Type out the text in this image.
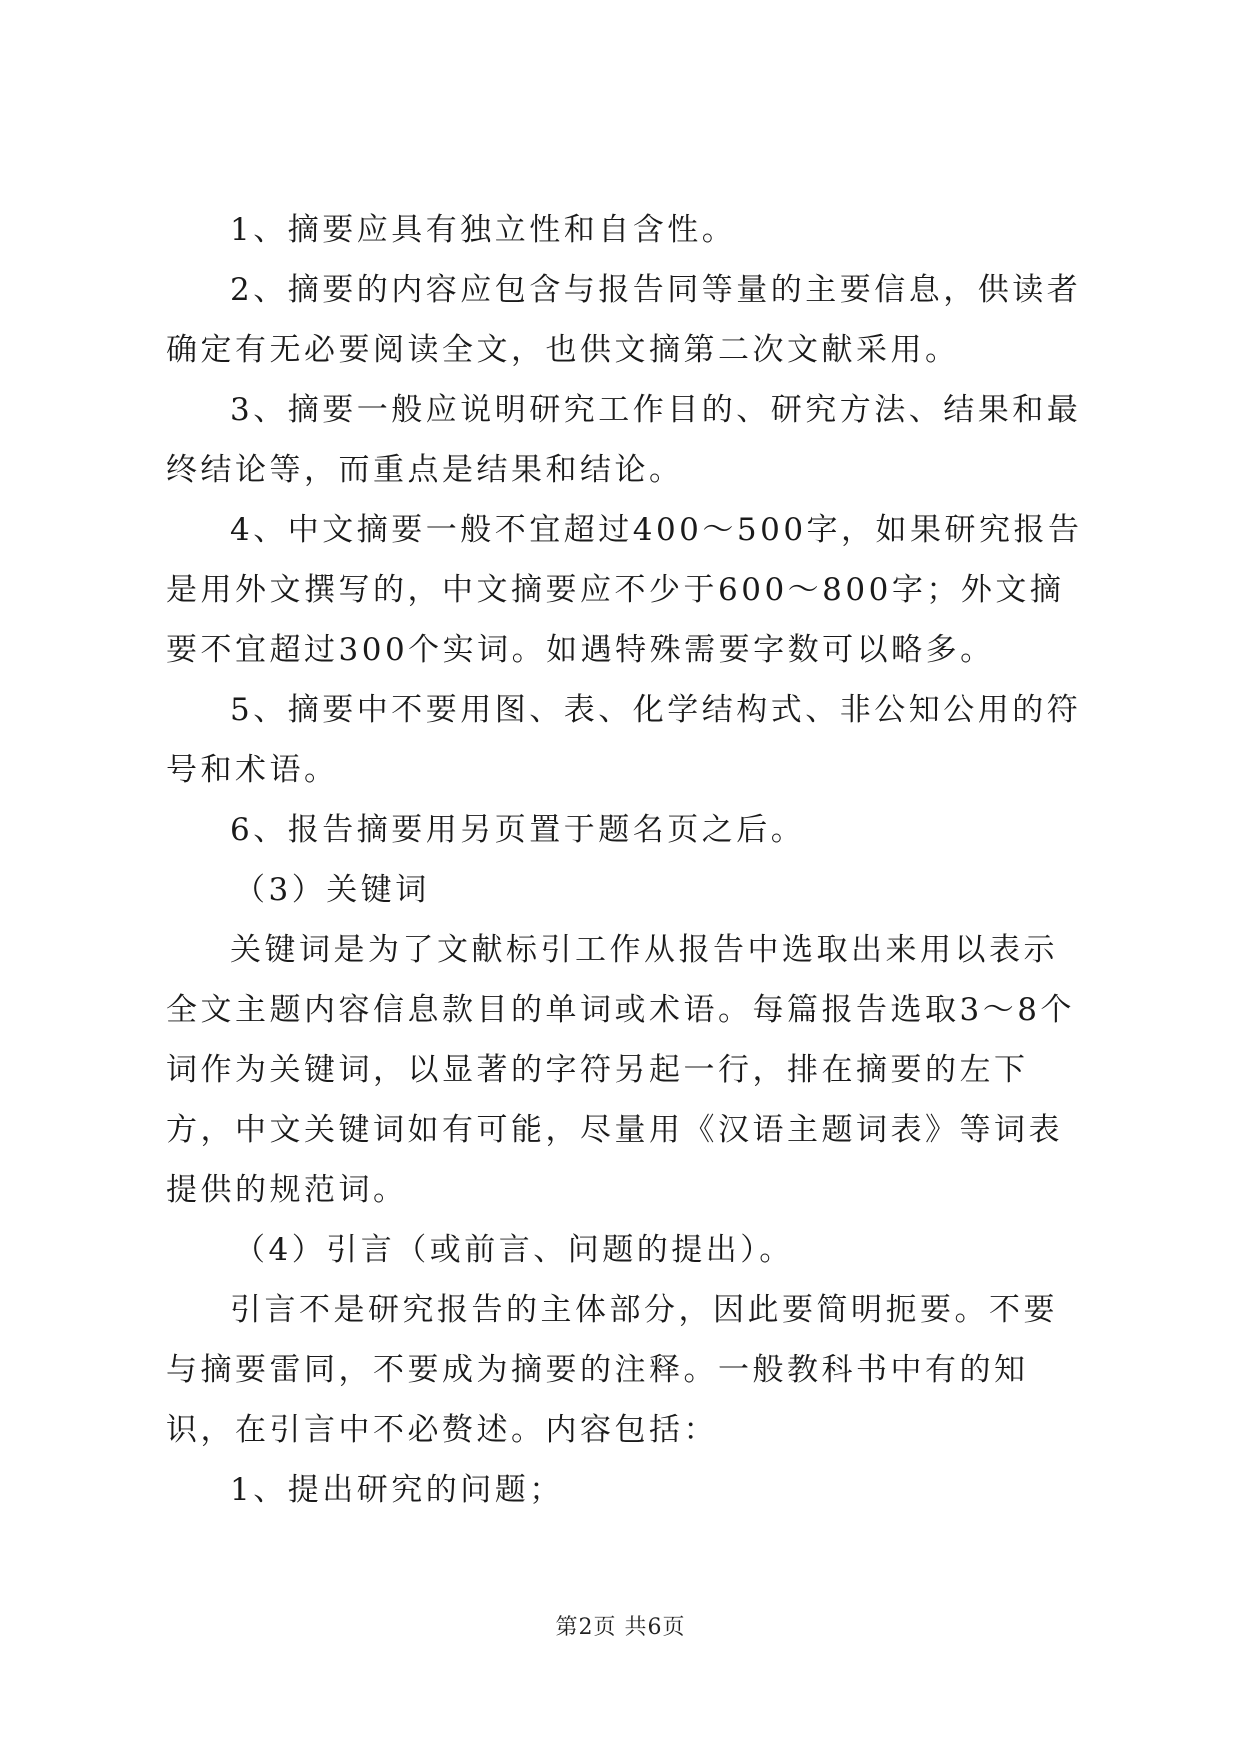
1、摘要应具有独立性和自含性。

2、摘要的内容应包含与报告同等量的主要信息，供读者确定有无必要阅读全文，也供文摘第二次文献采用。

3、摘要一般应说明研究工作目的、研究方法、结果和最终结论等，而重点是结果和结论。

4、中文摘要一般不宜超过400～500字，如果研究报告是用外文撰写的，中文摘要应不少于600～800字；外文摘要不宜超过300个实词。如遇特殊需要字数可以略多。

5、摘要中不要用图、表、化学结构式、非公知公用的符号和术语。

6、报告摘要用另页置于题名页之后。

（3）关键词

关键词是为了文献标引工作从报告中选取出来用以表示全文主题内容信息款目的单词或术语。每篇报告选取3～8个词作为关键词，以显著的字符另起一行，排在摘要的左下方，中文关键词如有可能，尽量用《汉语主题词表》等词表提供的规范词。

（4）引言（或前言、问题的提出）。

引言不是研究报告的主体部分，因此要简明扼要。不要与摘要雷同，不要成为摘要的注释。一般教科书中有的知识，在引言中不必赘述。内容包括：

1、提出研究的问题；

第2页 共6页
